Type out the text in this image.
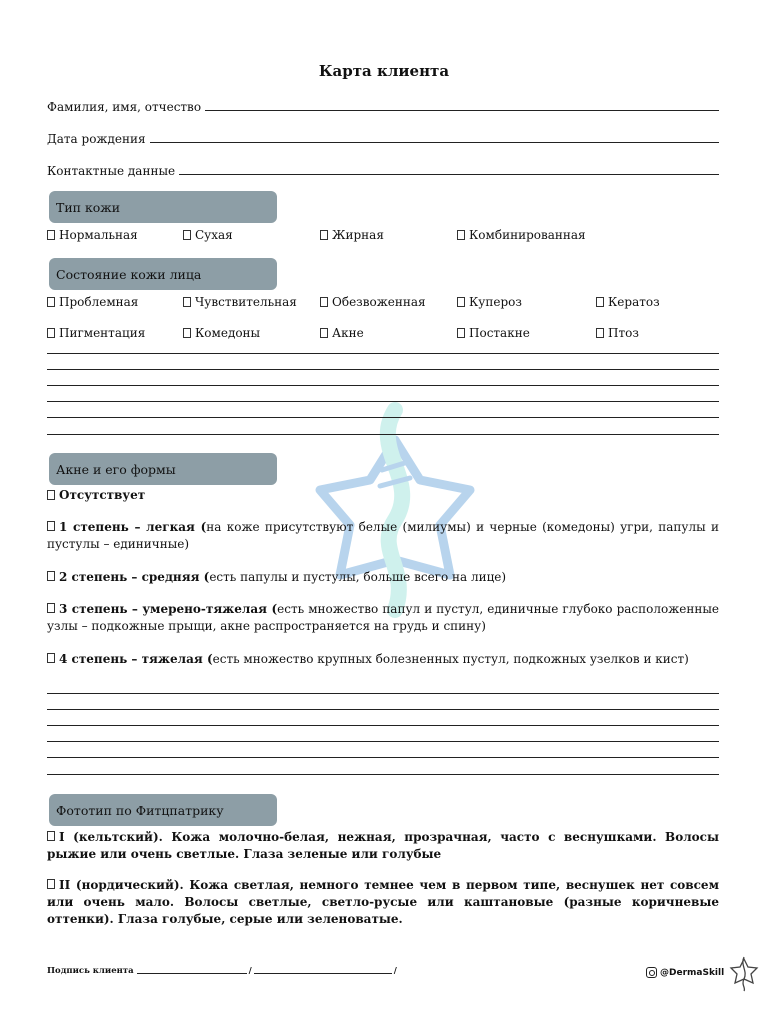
Карта клиента
Фамилия, имя, отчество
Дата рождения
Контактные данные
Тип кожи
Нормальная	Сухая	Жирная	Комбинированная
Состояние кожи лица
Проблемная	Чувствительная	Обезвоженная	Купероз	Кератоз
Пигментация	Комедоны	Акне	Постакне	Птоз
Акне и его формы
Отсутствует
1 степень – легкая (на коже присутствуют белые (милиумы) и черные (комедоны) угри, папулы и пустулы – единичные)
2 степень – средняя (есть папулы и пустулы, больше всего на лице)
3 степень – умерено-тяжелая (есть множество папул и пустул, единичные глубоко расположенные узлы – подкожные прыщи, акне распространяется на грудь и спину)
4 степень – тяжелая (есть множество крупных болезненных пустул, подкожных узелков и кист)
Фототип по Фитцпатрику
I (кельтский). Кожа молочно-белая, нежная, прозрачная, часто с веснушками. Волосы рыжие или очень светлые. Глаза зеленые или голубые
II (нордический). Кожа светлая, немного темнее чем в первом типе, веснушек нет совсем или очень мало. Волосы светлые, светло-русые или каштановые (разные коричневые оттенки). Глаза голубые, серые или зеленоватые.
Подпись клиента	/	/	@DermaSkill
